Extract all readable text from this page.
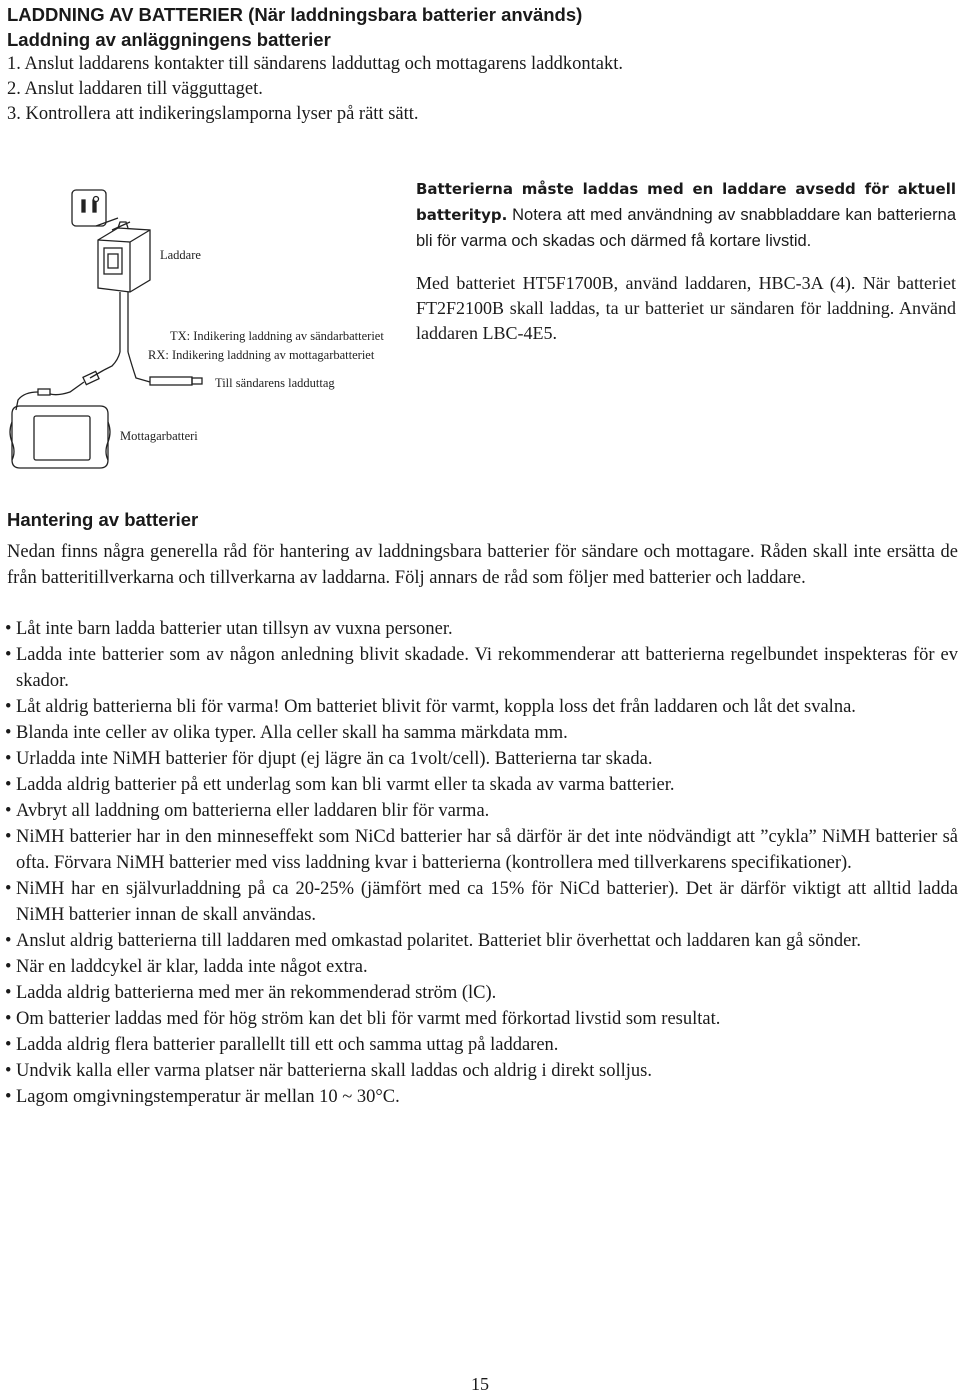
LADDNING AV BATTERIER (När laddningsbara batterier används)
Laddning av anläggningens batterier
1. Anslut laddarens kontakter till sändarens ladduttag och mottagarens laddkontakt.
2. Anslut laddaren till vägguttaget.
3. Kontrollera att indikeringslamporna lyser på rätt sätt.
Laddare
TX: Indikering laddning av sändarbatteriet
RX: Indikering laddning av mottagarbatteriet
Till sändarens ladduttag
Mottagarbatteri

Batterierna måste laddas med en laddare avsedd för aktuell batterityp. Notera att med användning av snabbladdare kan batterierna bli för varma och skadas och därmed få kortare livstid.

Med batteriet HT5F1700B, använd laddaren, HBC-3A (4). När batteriet FT2F2100B skall laddas, ta ur batteriet ur sändaren för laddning. Använd laddaren LBC-4E5.

Hantering av batterier

Nedan finns några generella råd för hantering av laddningsbara batterier för sändare och mottagare. Råden skall inte ersätta de från batteritillverkarna och tillverkarna av laddarna. Följ annars de råd som följer med batterier och laddare.

• Låt inte barn ladda batterier utan tillsyn av vuxna personer.
• Ladda inte batterier som av någon anledning blivit skadade. Vi rekommenderar att batterierna regelbundet inspekteras för ev skador.
• Låt aldrig batterierna bli för varma! Om batteriet blivit för varmt, koppla loss det från laddaren och låt det svalna.
• Blanda inte celler av olika typer. Alla celler skall ha samma märkdata mm.
• Urladda inte NiMH batterier för djupt (ej lägre än ca 1volt/cell). Batterierna tar skada.
• Ladda aldrig batterier på ett underlag som kan bli varmt eller ta skada av varma batterier.
• Avbryt all laddning om batterierna eller laddaren blir för varma.
• NiMH batterier har in den minneseffekt som NiCd batterier har så därför är det inte nödvändigt att ”cykla” NiMH batterier så ofta. Förvara NiMH batterier med viss laddning kvar i batterierna (kontrollera med tillverkarens specifikationer).
• NiMH har en självurladdning på ca 20-25% (jämfört med ca 15% för NiCd batterier). Det är därför viktigt att alltid ladda NiMH batterier innan de skall användas.
• Anslut aldrig batterierna till laddaren med omkastad polaritet. Batteriet blir överhettat och laddaren kan gå sönder.
• När en laddcykel är klar, ladda inte något extra.
• Ladda aldrig batterierna med mer än rekommenderad ström (lC).
• Om batterier laddas med för hög ström kan det bli för varmt med förkortad livstid som resultat.
• Ladda aldrig flera batterier parallellt till ett och samma uttag på laddaren.
• Undvik kalla eller varma platser när batterierna skall laddas och aldrig i direkt solljus.
• Lagom omgivningstemperatur är mellan 10 ~ 30°C.
15
